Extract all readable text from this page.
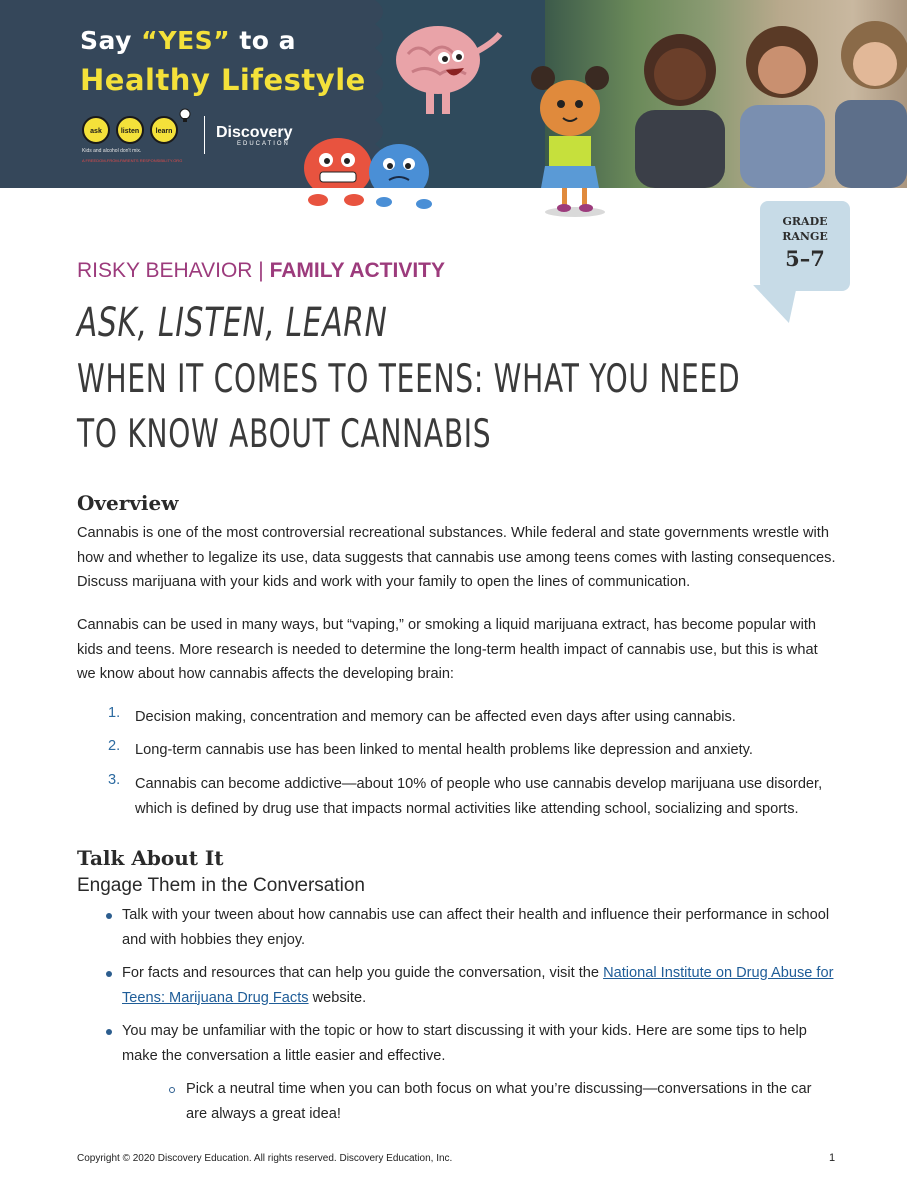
Say “YES” to a
Healthy Lifestyle
ask	listen	learn
Kids and alcohol don't mix.
A FREEDOM-FROM-PARENTS RESPONSIBILITY.ORG
Discovery
EDUCATION
GRADE
RANGE
5–7
RISKY BEHAVIOR | FAMILY ACTIVITY
ASK, LISTEN, LEARN
WHEN IT COMES TO TEENS: WHAT YOU NEED
TO KNOW ABOUT CANNABIS
Overview

Cannabis is one of the most controversial recreational substances. While federal and state governments wrestle with how and whether to legalize its use, data suggests that cannabis use among teens comes with lasting consequences. Discuss marijuana with your kids and work with your family to open the lines of communication.

Cannabis can be used in many ways, but “vaping,” or smoking a liquid marijuana extract, has become popular with kids and teens. More research is needed to determine the long-term health impact of cannabis use, but this is what we know about how cannabis affects the developing brain:

1. Decision making, concentration and memory can be affected even days after using cannabis.
2. Long-term cannabis use has been linked to mental health problems like depression and anxiety.
3. Cannabis can become addictive—about 10% of people who use cannabis develop marijuana use disorder, which is defined by drug use that impacts normal activities like attending school, socializing and sports.
Talk About It
Engage Them in the Conversation
Talk with your tween about how cannabis use can affect their health and influence their performance in school and with hobbies they enjoy.
For facts and resources that can help you guide the conversation, visit the National Institute on Drug Abuse for Teens: Marijuana Drug Facts website.
You may be unfamiliar with the topic or how to start discussing it with your kids. Here are some tips to help make the conversation a little easier and effective.
Pick a neutral time when you can both focus on what you’re discussing—conversations in the car are always a great idea!
Copyright © 2020 Discovery Education. All rights reserved. Discovery Education, Inc.	1
